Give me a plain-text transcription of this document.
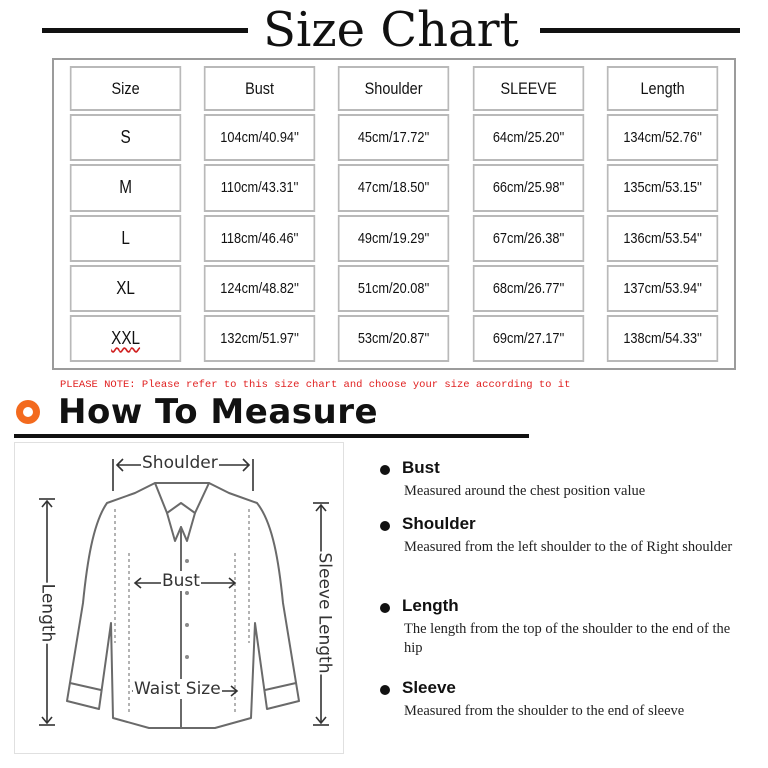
Size Chart
Size	Bust	Shoulder	SLEEVE	Length
S	104cm/40.94''	45cm/17.72''	64cm/25.20''	134cm/52.76''
M	110cm/43.31''	47cm/18.50''	66cm/25.98''	135cm/53.15''
L	118cm/46.46''	49cm/19.29''	67cm/26.38''	136cm/53.54''
XL	124cm/48.82''	51cm/20.08''	68cm/26.77''	137cm/53.94''
XXL	132cm/51.97''	53cm/20.87''	69cm/27.17''	138cm/54.33''
PLEASE NOTE: Please refer to this size chart and choose your size according to it
How To Measure
Shoulder
Bust
Waist Size
Length	Sleeve Length
Bust
Measured around the chest position value
Shoulder
Measured from the left shoulder to the of Right shoulder
Length
The length from the top of the shoulder to the end of the hip
Sleeve
Measured from the shoulder to the end of sleeve
